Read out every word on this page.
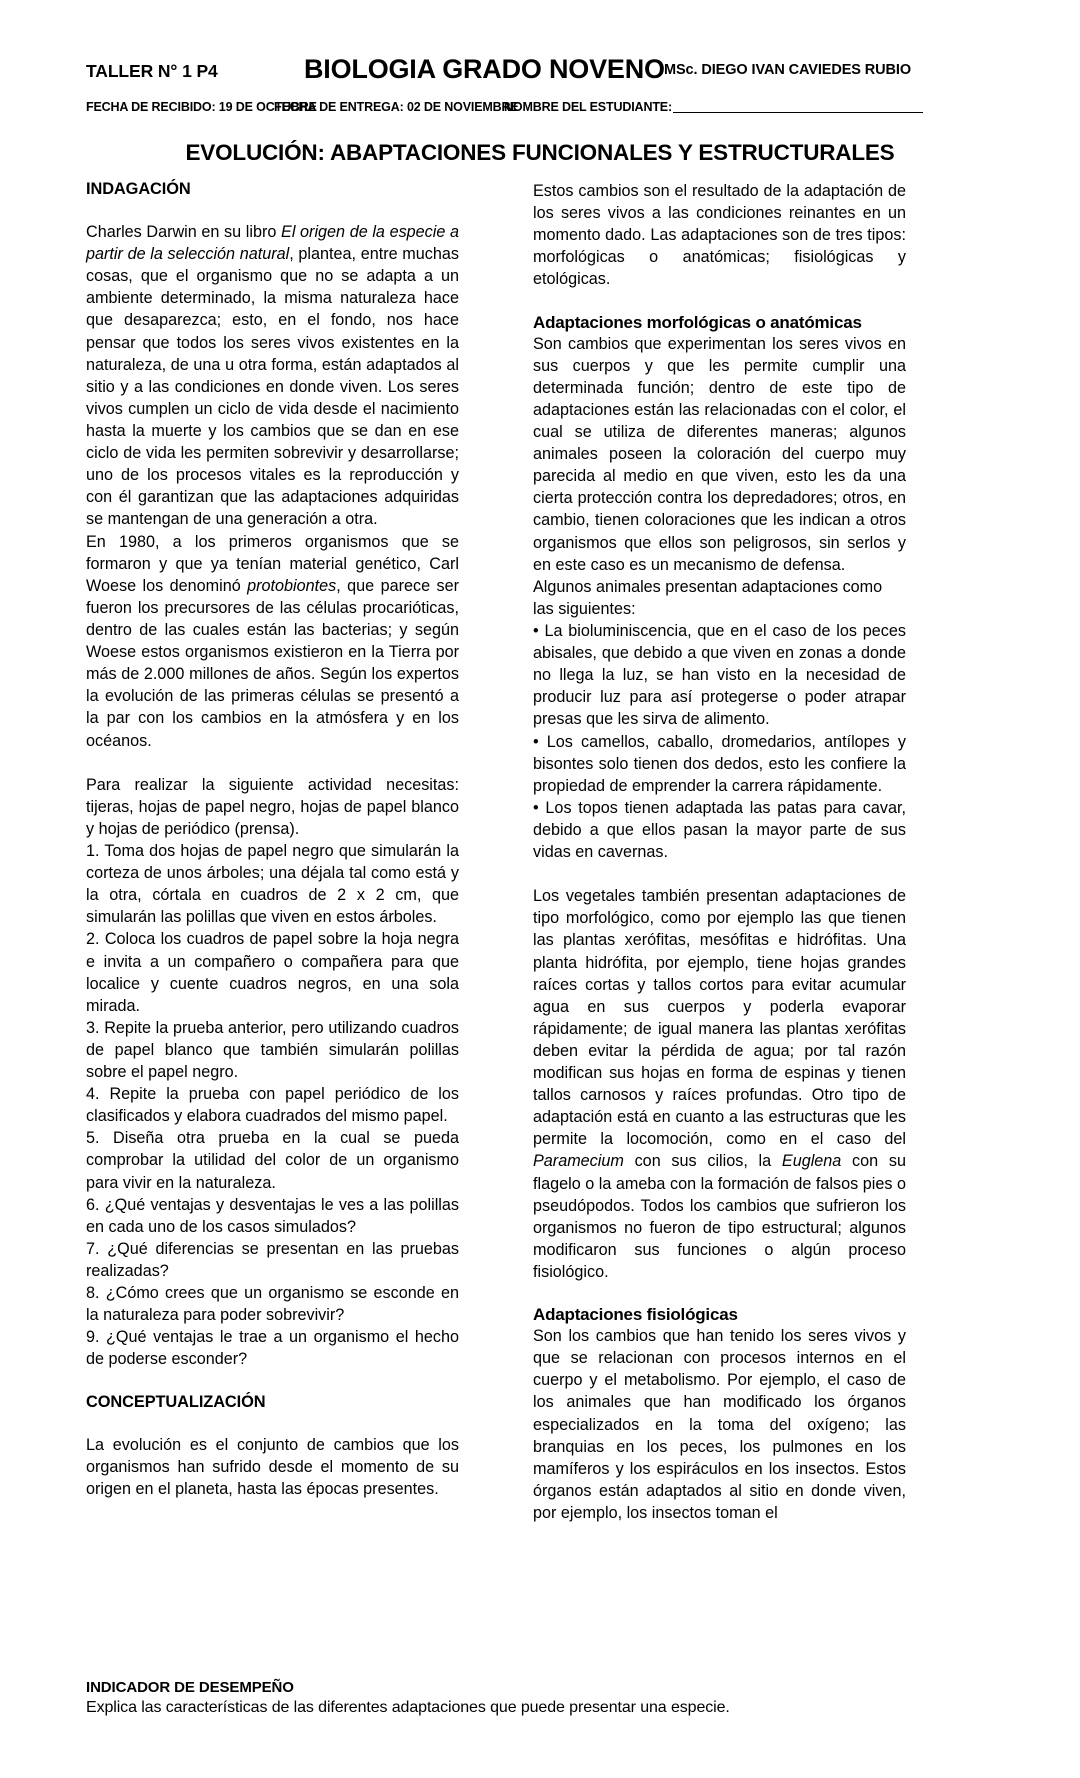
TALLER N° 1 P4	BIOLOGIA GRADO NOVENO MSc. DIEGO IVAN CAVIEDES RUBIO
FECHA DE RECIBIDO: 19 DE OCTUBRE
FECHA DE ENTREGA: 02 DE NOVIEMBRE
NOMBRE DEL ESTUDIANTE:
EVOLUCIÓN: ABAPTACIONES FUNCIONALES Y ESTRUCTURALES
INDAGACIÓN

Charles Darwin en su libro El origen de la especie a partir de la selección natural, plantea, entre muchas cosas, que el organismo que no se adapta a un ambiente determinado, la misma naturaleza hace que desaparezca; esto, en el fondo, nos hace pensar que todos los seres vivos existentes en la naturaleza, de una u otra forma, están adaptados al sitio y a las condiciones en donde viven. Los seres vivos cumplen un ciclo de vida desde el nacimiento hasta la muerte y los cambios que se dan en ese ciclo de vida les permiten sobrevivir y desarrollarse; uno de los procesos vitales es la reproducción y con él garantizan que las adaptaciones adquiridas se mantengan de una generación a otra.

En 1980, a los primeros organismos que se formaron y que ya tenían material genético, Carl Woese los denominó protobiontes, que parece ser fueron los precursores de las células procarióticas, dentro de las cuales están las bacterias; y según Woese estos organismos existieron en la Tierra por más de 2.000 millones de años. Según los expertos la evolución de las primeras células se presentó a la par con los cambios en la atmósfera y en los océanos.

Para realizar la siguiente actividad necesitas: tijeras, hojas de papel negro, hojas de papel blanco y hojas de periódico (prensa).

1. Toma dos hojas de papel negro que simularán la corteza de unos árboles; una déjala tal como está y la otra, córtala en cuadros de 2 x 2 cm, que simularán las polillas que viven en estos árboles.

2. Coloca los cuadros de papel sobre la hoja negra e invita a un compañero o compañera para que localice y cuente cuadros negros, en una sola mirada.

3. Repite la prueba anterior, pero utilizando cuadros de papel blanco que también simularán polillas sobre el papel negro.

4. Repite la prueba con papel periódico de los clasificados y elabora cuadrados del mismo papel.

5. Diseña otra prueba en la cual se pueda comprobar la utilidad del color de un organismo para vivir en la naturaleza.

6. ¿Qué ventajas y desventajas le ves a las polillas en cada uno de los casos simulados?

7. ¿Qué diferencias se presentan en las pruebas realizadas?

8. ¿Cómo crees que un organismo se esconde en la naturaleza para poder sobrevivir?

9. ¿Qué ventajas le trae a un organismo el hecho de poderse esconder?

CONCEPTUALIZACIÓN

La evolución es el conjunto de cambios que los organismos han sufrido desde el momento de su origen en el planeta, hasta las épocas presentes.

Estos cambios son el resultado de la adaptación de los seres vivos a las condiciones reinantes en un momento dado. Las adaptaciones son de tres tipos: morfológicas o anatómicas; fisiológicas y etológicas.

Adaptaciones morfológicas o anatómicas

Son cambios que experimentan los seres vivos en sus cuerpos y que les permite cumplir una determinada función; dentro de este tipo de adaptaciones están las relacionadas con el color, el cual se utiliza de diferentes maneras; algunos animales poseen la coloración del cuerpo muy parecida al medio en que viven, esto les da una cierta protección contra los depredadores; otros, en cambio, tienen coloraciones que les indican a otros organismos que ellos son peligrosos, sin serlos y en este caso es un mecanismo de defensa.

Algunos animales presentan adaptaciones como las siguientes:

• La bioluminiscencia, que en el caso de los peces abisales, que debido a que viven en zonas a donde no llega la luz, se han visto en la necesidad de producir luz para así protegerse o poder atrapar presas que les sirva de alimento.

• Los camellos, caballo, dromedarios, antílopes y bisontes solo tienen dos dedos, esto les confiere la propiedad de emprender la carrera rápidamente.

• Los topos tienen adaptada las patas para cavar, debido a que ellos pasan la mayor parte de sus vidas en cavernas.

Los vegetales también presentan adaptaciones de tipo morfológico, como por ejemplo las que tienen las plantas xerófitas, mesófitas e hidrófitas. Una planta hidrófita, por ejemplo, tiene hojas grandes raíces cortas y tallos cortos para evitar acumular agua en sus cuerpos y poderla evaporar rápidamente; de igual manera las plantas xerófitas deben evitar la pérdida de agua; por tal razón modifican sus hojas en forma de espinas y tienen tallos carnosos y raíces profundas. Otro tipo de adaptación está en cuanto a las estructuras que les permite la locomoción, como en el caso del Paramecium con sus cilios, la Euglena con su flagelo o la ameba con la formación de falsos pies o pseudópodos. Todos los cambios que sufrieron los organismos no fueron de tipo estructural; algunos modificaron sus funciones o algún proceso fisiológico.

Adaptaciones fisiológicas

Son los cambios que han tenido los seres vivos y que se relacionan con procesos internos en el cuerpo y el metabolismo. Por ejemplo, el caso de los animales que han modificado los órganos especializados en la toma del oxígeno; las branquias en los peces, los pulmones en los mamíferos y los espiráculos en los insectos. Estos órganos están adaptados al sitio en donde viven, por ejemplo, los insectos toman el

INDICADOR DE DESEMPEÑO
Explica las características de las diferentes adaptaciones que puede presentar una especie.
